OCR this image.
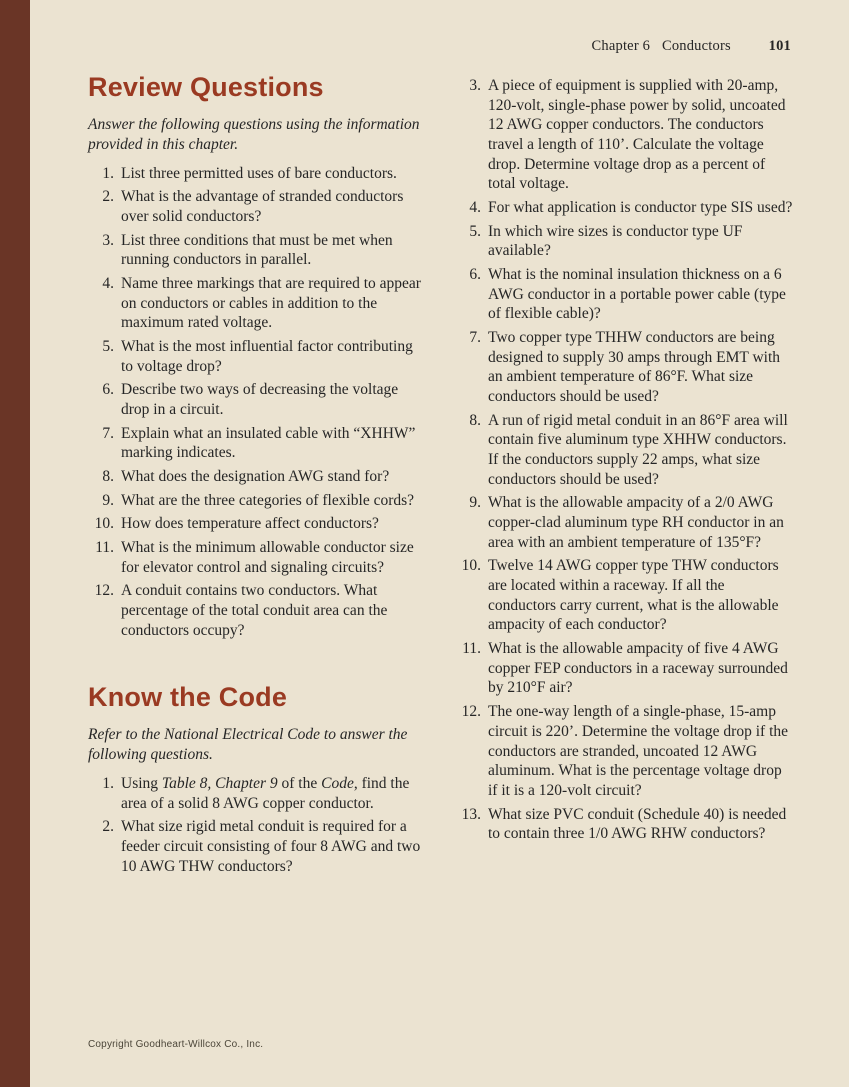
Chapter 6 Conductors	101
Review Questions

Answer the following questions using the information provided in this chapter.

1. List three permitted uses of bare conductors.
2. What is the advantage of stranded conductors over solid conductors?
3. List three conditions that must be met when running conductors in parallel.
4. Name three markings that are required to appear on conductors or cables in addition to the maximum rated voltage.
5. What is the most influential factor contributing to voltage drop?
6. Describe two ways of decreasing the voltage drop in a circuit.
7. Explain what an insulated cable with “XHHW” marking indicates.
8. What does the designation AWG stand for?
9. What are the three categories of flexible cords?
10. How does temperature affect conductors?
11. What is the minimum allowable conductor size for elevator control and signaling circuits?
12. A conduit contains two conductors. What percentage of the total conduit area can the conductors occupy?
Know the Code

Refer to the National Electrical Code to answer the following questions.

1. Using Table 8, Chapter 9 of the Code, find the area of a solid 8 AWG copper conductor.
2. What size rigid metal conduit is required for a feeder circuit consisting of four 8 AWG and two 10 AWG THW conductors?
3. A piece of equipment is supplied with 20-amp, 120-volt, single-phase power by solid, uncoated 12 AWG copper conductors. The conductors travel a length of 110’. Calculate the voltage drop. Determine voltage drop as a percent of total voltage.
4. For what application is conductor type SIS used?
5. In which wire sizes is conductor type UF available?
6. What is the nominal insulation thickness on a 6 AWG conductor in a portable power cable (type of flexible cable)?
7. Two copper type THHW conductors are being designed to supply 30 amps through EMT with an ambient temperature of 86°F. What size conductors should be used?
8. A run of rigid metal conduit in an 86°F area will contain five aluminum type XHHW conductors. If the conductors supply 22 amps, what size conductors should be used?
9. What is the allowable ampacity of a 2/0 AWG copper-clad aluminum type RH conductor in an area with an ambient temperature of 135°F?
10. Twelve 14 AWG copper type THW conductors are located within a raceway. If all the conductors carry current, what is the allowable ampacity of each conductor?
11. What is the allowable ampacity of five 4 AWG copper FEP conductors in a raceway surrounded by 210°F air?
12. The one-way length of a single-phase, 15-amp circuit is 220’. Determine the voltage drop if the conductors are stranded, uncoated 12 AWG aluminum. What is the percentage voltage drop if it is a 120-volt circuit?
13. What size PVC conduit (Schedule 40) is needed to contain three 1/0 AWG RHW conductors?
Copyright Goodheart-Willcox Co., Inc.
